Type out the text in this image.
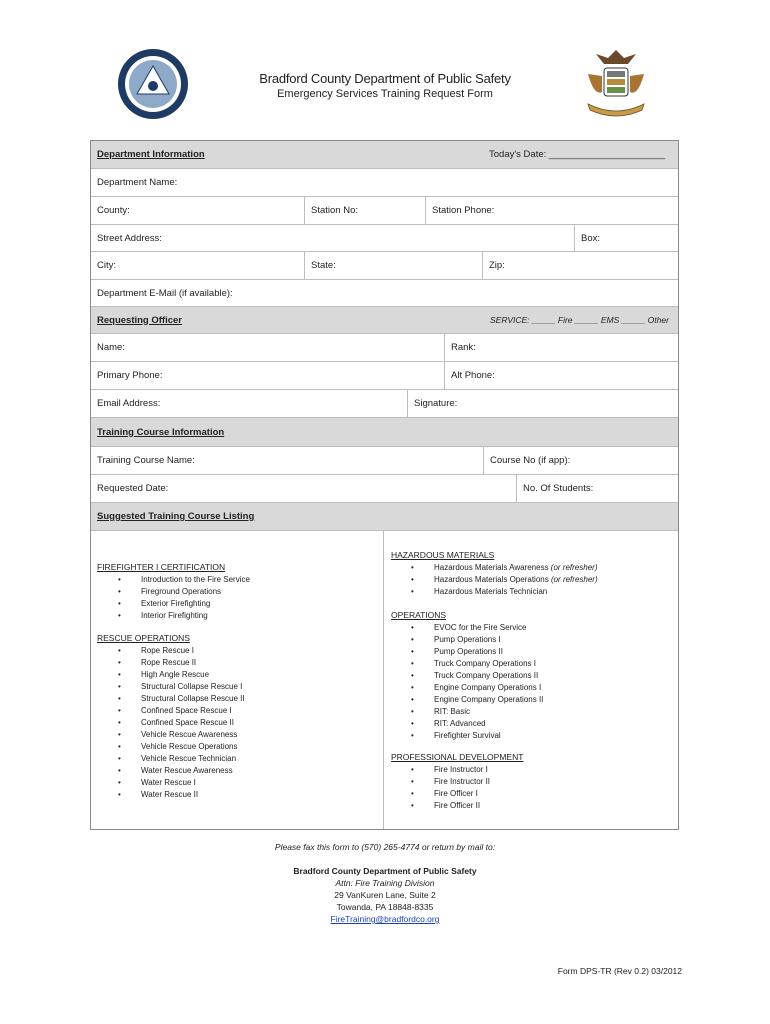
Bradford County Department of Public Safety
Emergency Services Training Request Form
Department Information	Today's Date: ______________________
Department Name:
County:	Station No:	Station Phone:
Street Address:	Box:
City:	State:	Zip:
Department E-Mail (if available):
Requesting Officer	SERVICE: _____ Fire _____ EMS _____ Other
Name:	Rank:
Primary Phone:	Alt Phone:
Email Address:	Signature:
Training Course Information
Training Course Name:	Course No (if app):
Requested Date:	No. Of Students:
Suggested Training Course Listing
FIREFIGHTER I CERTIFICATION
•	Introduction to the Fire Service
•	Fireground Operations
•	Exterior Firefighting
•	Interior Firefighting
RESCUE OPERATIONS
•	Rope Rescue I
•	Rope Rescue II
•	High Angle Rescue
•	Structural Collapse Rescue I
•	Structural Collapse Rescue II
•	Confined Space Rescue I
•	Confined Space Rescue II
•	Vehicle Rescue Awareness
•	Vehicle Rescue Operations
•	Vehicle Rescue Technician
•	Water Rescue Awareness
•	Water Rescue I
•	Water Rescue II
HAZARDOUS MATERIALS
•	Hazardous Materials Awareness (or refresher)
•	Hazardous Materials Operations (or refresher)
•	Hazardous Materials Technician
OPERATIONS
•	EVOC for the Fire Service
•	Pump Operations I
•	Pump Operations II
•	Truck Company Operations I
•	Truck Company Operations II
•	Engine Company Operations I
•	Engine Company Operations II
•	RIT: Basic
•	RIT: Advanced
•	Firefighter Survival
PROFESSIONAL DEVELOPMENT
•	Fire Instructor I
•	Fire Instructor II
•	Fire Officer I
•	Fire Officer II
Please fax this form to (570) 265-4774 or return by mail to:
Bradford County Department of Public Safety
Attn: Fire Training Division
29 VanKuren Lane, Suite 2
Towanda, PA 18848-8335
FireTraining@bradfordco.org
Form DPS-TR (Rev 0.2) 03/2012
